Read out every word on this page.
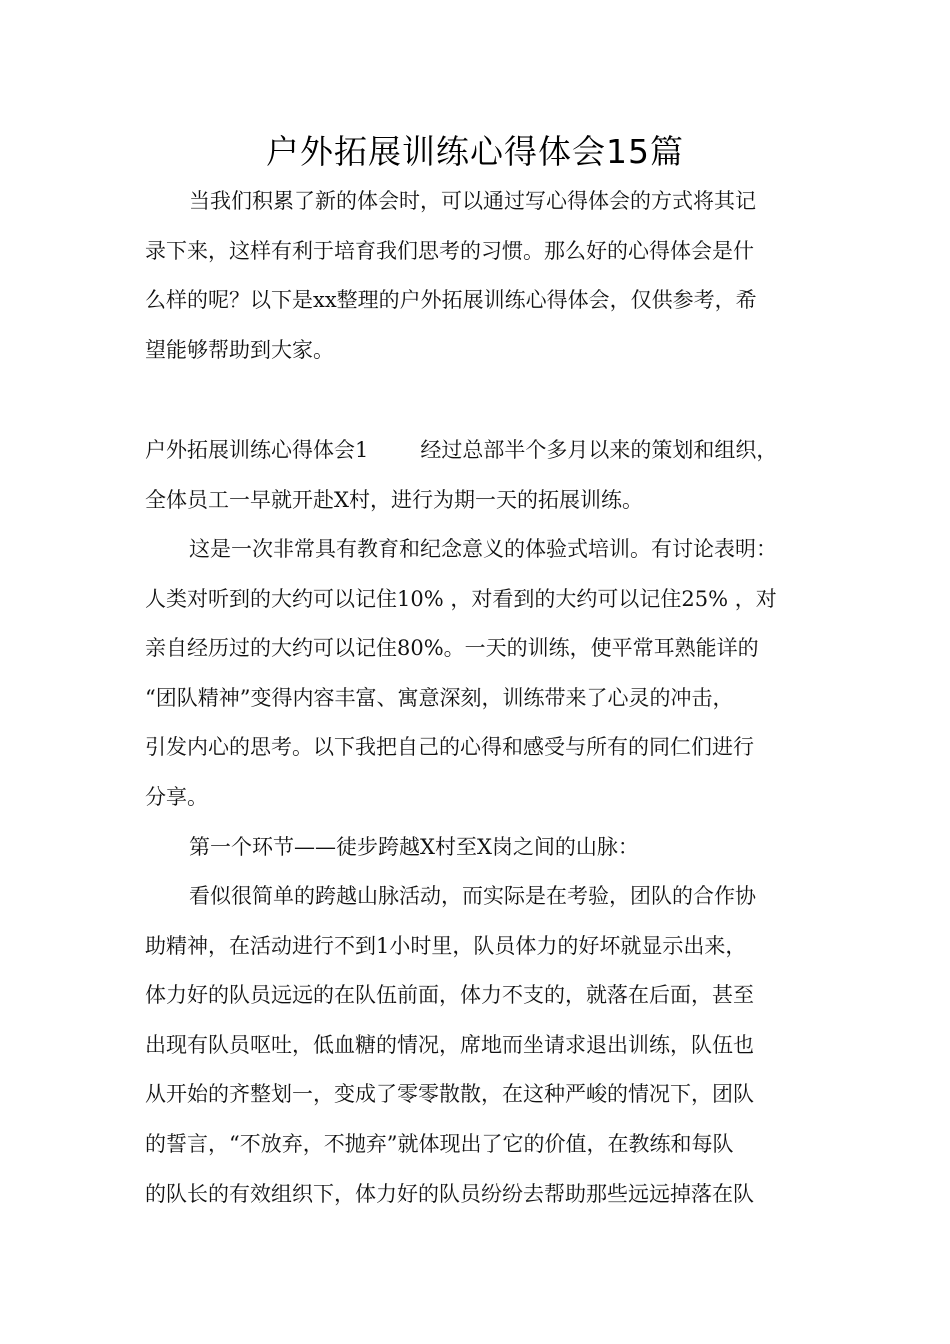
户外拓展训练心得体会15篇
当我们积累了新的体会时，可以通过写心得体会的方式将其记
录下来，这样有利于培育我们思考的习惯。那么好的心得体会是什
么样的呢？以下是xx整理的户外拓展训练心得体会，仅供参考，希
望能够帮助到大家。
户外拓展训练心得体会1 经过总部半个多月以来的策划和组织，
全体员工一早就开赴X村，进行为期一天的拓展训练。
这是一次非常具有教育和纪念意义的体验式培训。有讨论表明：
人类对听到的大约可以记住10% ，对看到的大约可以记住25% ，对
亲自经历过的大约可以记住80%。一天的训练，使平常耳熟能详的
“团队精神”变得内容丰富、寓意深刻，训练带来了心灵的冲击，
引发内心的思考。以下我把自己的心得和感受与所有的同仁们进行
分享。
第一个环节——徒步跨越X村至X岗之间的山脉：
看似很简单的跨越山脉活动，而实际是在考验，团队的合作协
助精神，在活动进行不到1小时里，队员体力的好坏就显示出来，
体力好的队员远远的在队伍前面，体力不支的，就落在后面，甚至
出现有队员呕吐，低血糖的情况，席地而坐请求退出训练，队伍也
从开始的齐整划一，变成了零零散散，在这种严峻的情况下，团队
的誓言，“不放弃，不抛弃”就体现出了它的价值，在教练和每队
的队长的有效组织下，体力好的队员纷纷去帮助那些远远掉落在队
